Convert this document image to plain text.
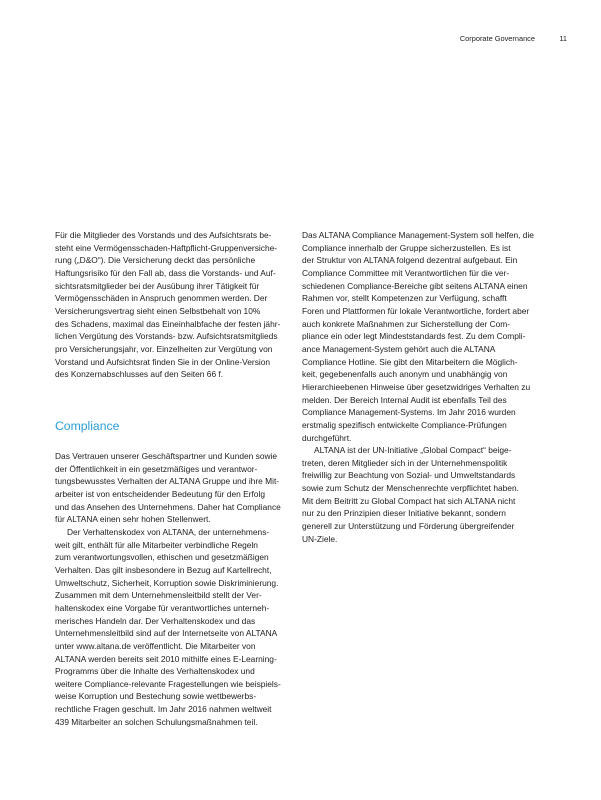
Corporate Governance	11

Für die Mitglieder des Vorstands und des Aufsichtsrats be-
steht eine Vermögensschaden-Haftpflicht-Gruppenversiche-
rung („D&O“). Die Versicherung deckt das persönliche
Haftungsrisiko für den Fall ab, dass die Vorstands- und Auf-
sichtsratsmitglieder bei der Ausübung ihrer Tätigkeit für
Vermögensschäden in Anspruch genommen werden. Der
Versicherungsvertrag sieht einen Selbstbehalt von 10%
des Schadens, maximal das Eineinhalbfache der festen jähr-
lichen Vergütung des Vorstands- bzw. Aufsichtsratsmitglieds
pro Versicherungsjahr, vor. Einzelheiten zur Vergütung von
Vorstand und Aufsichtsrat finden Sie in der Online-Version
des Konzernabschlusses auf den Seiten 66 f.

Compliance

Das Vertrauen unserer Geschäftspartner und Kunden sowie
der Öffentlichkeit in ein gesetzmäßiges und verantwor-
tungsbewusstes Verhalten der ALTANA Gruppe und ihre Mit-
arbeiter ist von entscheidender Bedeutung für den Erfolg
und das Ansehen des Unternehmens. Daher hat Compliance
für ALTANA einen sehr hohen Stellenwert.

Der Verhaltenskodex von ALTANA, der unternehmens-
weit gilt, enthält für alle Mitarbeiter verbindliche Regeln
zum verantwortungsvollen, ethischen und gesetzmäßigen
Verhalten. Das gilt insbesondere in Bezug auf Kartellrecht,
Umweltschutz, Sicherheit, Korruption sowie Diskriminierung.
Zusammen mit dem Unternehmensleitbild stellt der Ver-
haltenskodex eine Vorgabe für verantwortliches unterneh-
merisches Handeln dar. Der Verhaltenskodex und das
Unternehmensleitbild sind auf der Internetseite von ALTANA
unter www.altana.de veröffentlicht. Die Mitarbeiter von
ALTANA werden bereits seit 2010 mithilfe eines E-Learning-
Programms über die Inhalte des Verhaltenskodex und
weitere Compliance-relevante Fragestellungen wie beispiels-
weise Korruption und Bestechung sowie wettbewerbs-
rechtliche Fragen geschult. Im Jahr 2016 nahmen weltweit
439 Mitarbeiter an solchen Schulungsmaßnahmen teil.

Das ALTANA Compliance Management-System soll helfen, die
Compliance innerhalb der Gruppe sicherzustellen. Es ist
der Struktur von ALTANA folgend dezentral aufgebaut. Ein
Compliance Committee mit Verantwortlichen für die ver-
schiedenen Compliance-Bereiche gibt seitens ALTANA einen
Rahmen vor, stellt Kompetenzen zur Verfügung, schafft
Foren und Plattformen für lokale Verantwortliche, fordert aber
auch konkrete Maßnahmen zur Sicherstellung der Com-
pliance ein oder legt Mindeststandards fest. Zu dem Compli-
ance Management-System gehört auch die ALTANA
Compliance Hotline. Sie gibt den Mitarbeitern die Möglich-
keit, gegebenenfalls auch anonym und unabhängig von
Hierarchieebenen Hinweise über gesetzwidriges Verhalten zu
melden. Der Bereich Internal Audit ist ebenfalls Teil des
Compliance Management-Systems. Im Jahr 2016 wurden
erstmalig spezifisch entwickelte Compliance-Prüfungen
durchgeführt.

ALTANA ist der UN-Initiative „Global Compact“ beige-
treten, deren Mitglieder sich in der Unternehmenspolitik
freiwillig zur Beachtung von Sozial- und Umweltstandards
sowie zum Schutz der Menschenrechte verpflichtet haben.
Mit dem Beitritt zu Global Compact hat sich ALTANA nicht
nur zu den Prinzipien dieser Initiative bekannt, sondern
generell zur Unterstützung und Förderung übergreifender
UN-Ziele.
